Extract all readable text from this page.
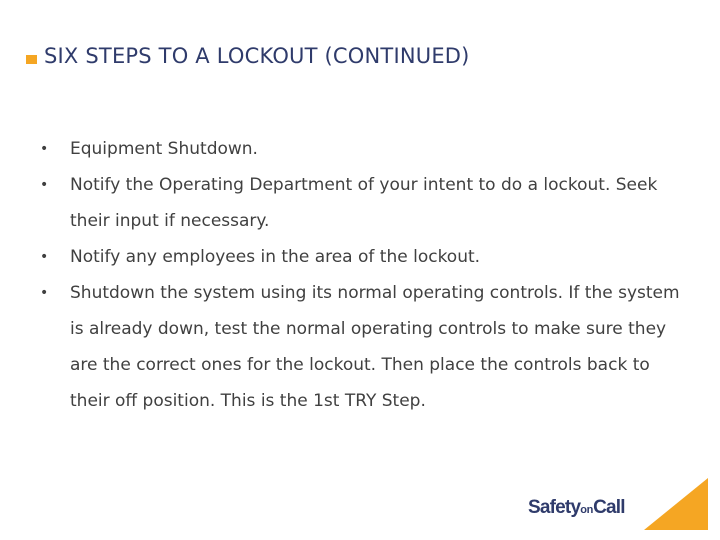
SIX STEPS TO A LOCKOUT (CONTINUED)
• Equipment Shutdown.
• Notify the Operating Department of your intent to do a lockout. Seek their input if necessary.
• Notify any employees in the area of the lockout.
• Shutdown the system using its normal operating controls. If the system is already down, test the normal operating controls to make sure they are the correct ones for the lockout. Then place the controls back to their off position. This is the 1st TRY Step.
SafetyonCall
